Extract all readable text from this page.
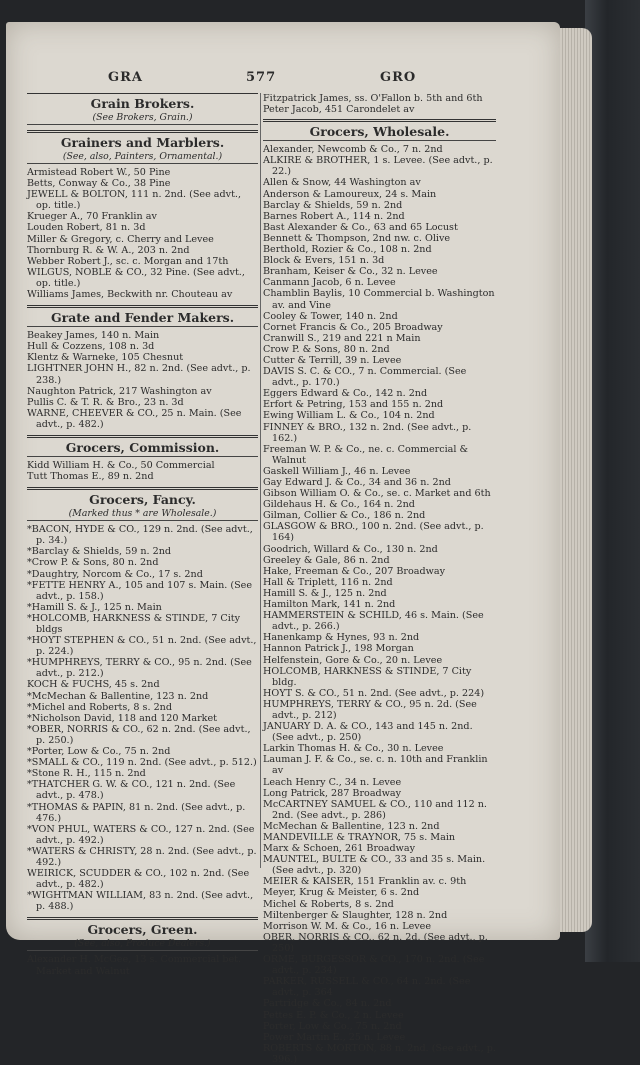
GRA	577	GRO
Grain Brokers.
(See Brokers, Grain.)
Grainers and Marblers.
(See, also, Painters, Ornamental.)
Armistead Robert W., 50 Pine
Betts, Conway & Co., 38 Pine
JEWELL & BOLTON, 111 n. 2nd. (See advt., op. title.)
Krueger A., 70 Franklin av
Louden Robert, 81 n. 3d
Miller & Gregory, c. Cherry and Levee
Thornburg R. & W. A., 203 n. 2nd
Webber Robert J., sc. c. Morgan and 17th
WILGUS, NOBLE & CO., 32 Pine. (See advt., op. title.)
Williams James, Beckwith nr. Chouteau av
Grate and Fender Makers.
Beakey James, 140 n. Main
Hull & Cozzens, 108 n. 3d
Klentz & Warneke, 105 Chesnut
LIGHTNER JOHN H., 82 n. 2nd. (See advt., p. 238.)
Naughton Patrick, 217 Washington av
Pullis C. & T. R. & Bro., 23 n. 3d
WARNE, CHEEVER & CO., 25 n. Main. (See advt., p. 482.)
Grocers, Commission.
Kidd William H. & Co., 50 Commercial
Tutt Thomas E., 89 n. 2nd
Grocers, Fancy.
(Marked thus * are Wholesale.)
*BACON, HYDE & CO., 129 n. 2nd. (See advt., p. 34.)
*Barclay & Shields, 59 n. 2nd
*Crow P. & Sons, 80 n. 2nd
*Daughtry, Norcom & Co., 17 s. 2nd
*FETTE HENRY A., 105 and 107 s. Main. (See advt., p. 158.)
*Hamill S. & J., 125 n. Main
*HOLCOMB, HARKNESS & STINDE, 7 City bldgs
*HOYT STEPHEN & CO., 51 n. 2nd. (See advt., p. 224.)
*HUMPHREYS, TERRY & CO., 95 n. 2nd. (See advt., p. 212.)
KOCH & FUCHS, 45 s. 2nd
*McMechan & Ballentine, 123 n. 2nd
*Michel and Roberts, 8 s. 2nd
*Nicholson David, 118 and 120 Market
*OBER, NORRIS & CO., 62 n. 2nd. (See advt., p. 250.)
*Porter, Low & Co., 75 n. 2nd
*SMALL & CO., 119 n. 2nd. (See advt., p. 512.)
*Stone R. H., 115 n. 2nd
*THATCHER G. W. & CO., 121 n. 2nd. (See advt., p. 478.)
*THOMAS & PAPIN, 81 n. 2nd. (See advt., p. 476.)
*VON PHUL, WATERS & CO., 127 n. 2nd. (See advt., p. 492.)
*WATERS & CHRISTY, 28 n. 2nd. (See advt., p. 492.)
WEIRICK, SCUDDER & CO., 102 n. 2nd. (See advt., p. 482.)
*WIGHTMAN WILLIAM, 83 n. 2nd. (See advt., p. 488.)
Grocers, Green.
(See, also, Produce Dealers.)
Alexander H. McGee, 13 s. Commercial bet. Market and Walnut
Fitzpatrick James, ss. O'Fallon b. 5th and 6th
Peter Jacob, 451 Carondelet av
Grocers, Wholesale.
Alexander, Newcomb & Co., 7 n. 2nd
ALKIRE & BROTHER, 1 s. Levee. (See advt., p. 22.)
Allen & Snow, 44 Washington av
Anderson & Lamoureux, 24 s. Main
Barclay & Shields, 59 n. 2nd
Barnes Robert A., 114 n. 2nd
Bast Alexander & Co., 63 and 65 Locust
Bennett & Thompson, 2nd nw. c. Olive
Berthold, Rozier & Co., 108 n. 2nd
Block & Evers, 151 n. 3d
Branham, Keiser & Co., 32 n. Levee
Canmann Jacob, 6 n. Levee
Chamblin Baylis, 10 Commercial b. Washington av. and Vine
Cooley & Tower, 140 n. 2nd
Cornet Francis & Co., 205 Broadway
Cranwill S., 219 and 221 n Main
Crow P. & Sons, 80 n. 2nd
Cutter & Terrill, 39 n. Levee
DAVIS S. C. & CO., 7 n. Commercial. (See advt., p. 170.)
Eggers Edward & Co., 142 n. 2nd
Erfort & Petring, 153 and 155 n. 2nd
Ewing William L. & Co., 104 n. 2nd
FINNEY & BRO., 132 n. 2nd. (See advt., p. 162.)
Freeman W. P. & Co., ne. c. Commercial & Walnut
Gaskell William J., 46 n. Levee
Gay Edward J. & Co., 34 and 36 n. 2nd
Gibson William O. & Co., se. c. Market and 6th
Gildehaus H. & Co., 164 n. 2nd
Gilman, Collier & Co., 186 n. 2nd
GLASGOW & BRO., 100 n. 2nd. (See advt., p. 164)
Goodrich, Willard & Co., 130 n. 2nd
Greeley & Gale, 86 n. 2nd
Hake, Freeman & Co., 207 Broadway
Hall & Triplett, 116 n. 2nd
Hamill S. & J., 125 n. 2nd
Hamilton Mark, 141 n. 2nd
HAMMERSTEIN & SCHILD, 46 s. Main. (See advt., p. 266.)
Hanenkamp & Hynes, 93 n. 2nd
Hannon Patrick J., 198 Morgan
Helfenstein, Gore & Co., 20 n. Levee
HOLCOMB, HARKNESS & STINDE, 7 City bldg.
HOYT S. & CO., 51 n. 2nd. (See advt., p. 224)
HUMPHREYS, TERRY & CO., 95 n. 2d. (See advt., p. 212)
JANUARY D. A. & CO., 143 and 145 n. 2nd. (See advt., p. 250)
Larkin Thomas H. & Co., 30 n. Levee
Lauman J. F. & Co., se. c. n. 10th and Franklin av
Leach Henry C., 34 n. Levee
Long Patrick, 287 Broadway
McCARTNEY SAMUEL & CO., 110 and 112 n. 2nd. (See advt., p. 286)
McMechan & Ballentine, 123 n. 2nd
MANDEVILLE & TRAYNOR, 75 s. Main
Marx & Schoen, 261 Broadway
MAUNTEL, BULTE & CO., 33 and 35 s. Main. (See advt., p. 320)
MEIER & KAISER, 151 Franklin av. c. 9th
Meyer, Krug & Meister, 6 s. 2nd
Michel & Roberts, 8 s. 2nd
Miltenberger & Slaughter, 128 n. 2nd
Morrison W. M. & Co., 16 n. Levee
OBER, NORRIS & CO., 62 n. 2d. (See advt., p. 250)
ORME, BURGESSOR & CO., 170 n. 2nd. (See advt., p. 234)
PARKER, RUSSELL & CO., 64 n. 2nd. (See advt., p. 364
Partridge & Co., 84 n. 2nd
Pettes E. P. & Co., 2 n. Levee
Porter, Low & Co., 75 n. 2nd
Power Martin E., 25 n. Levee
ROBERTS & MORTON, 88 n. 2nd. (See advt., p. 396.)
